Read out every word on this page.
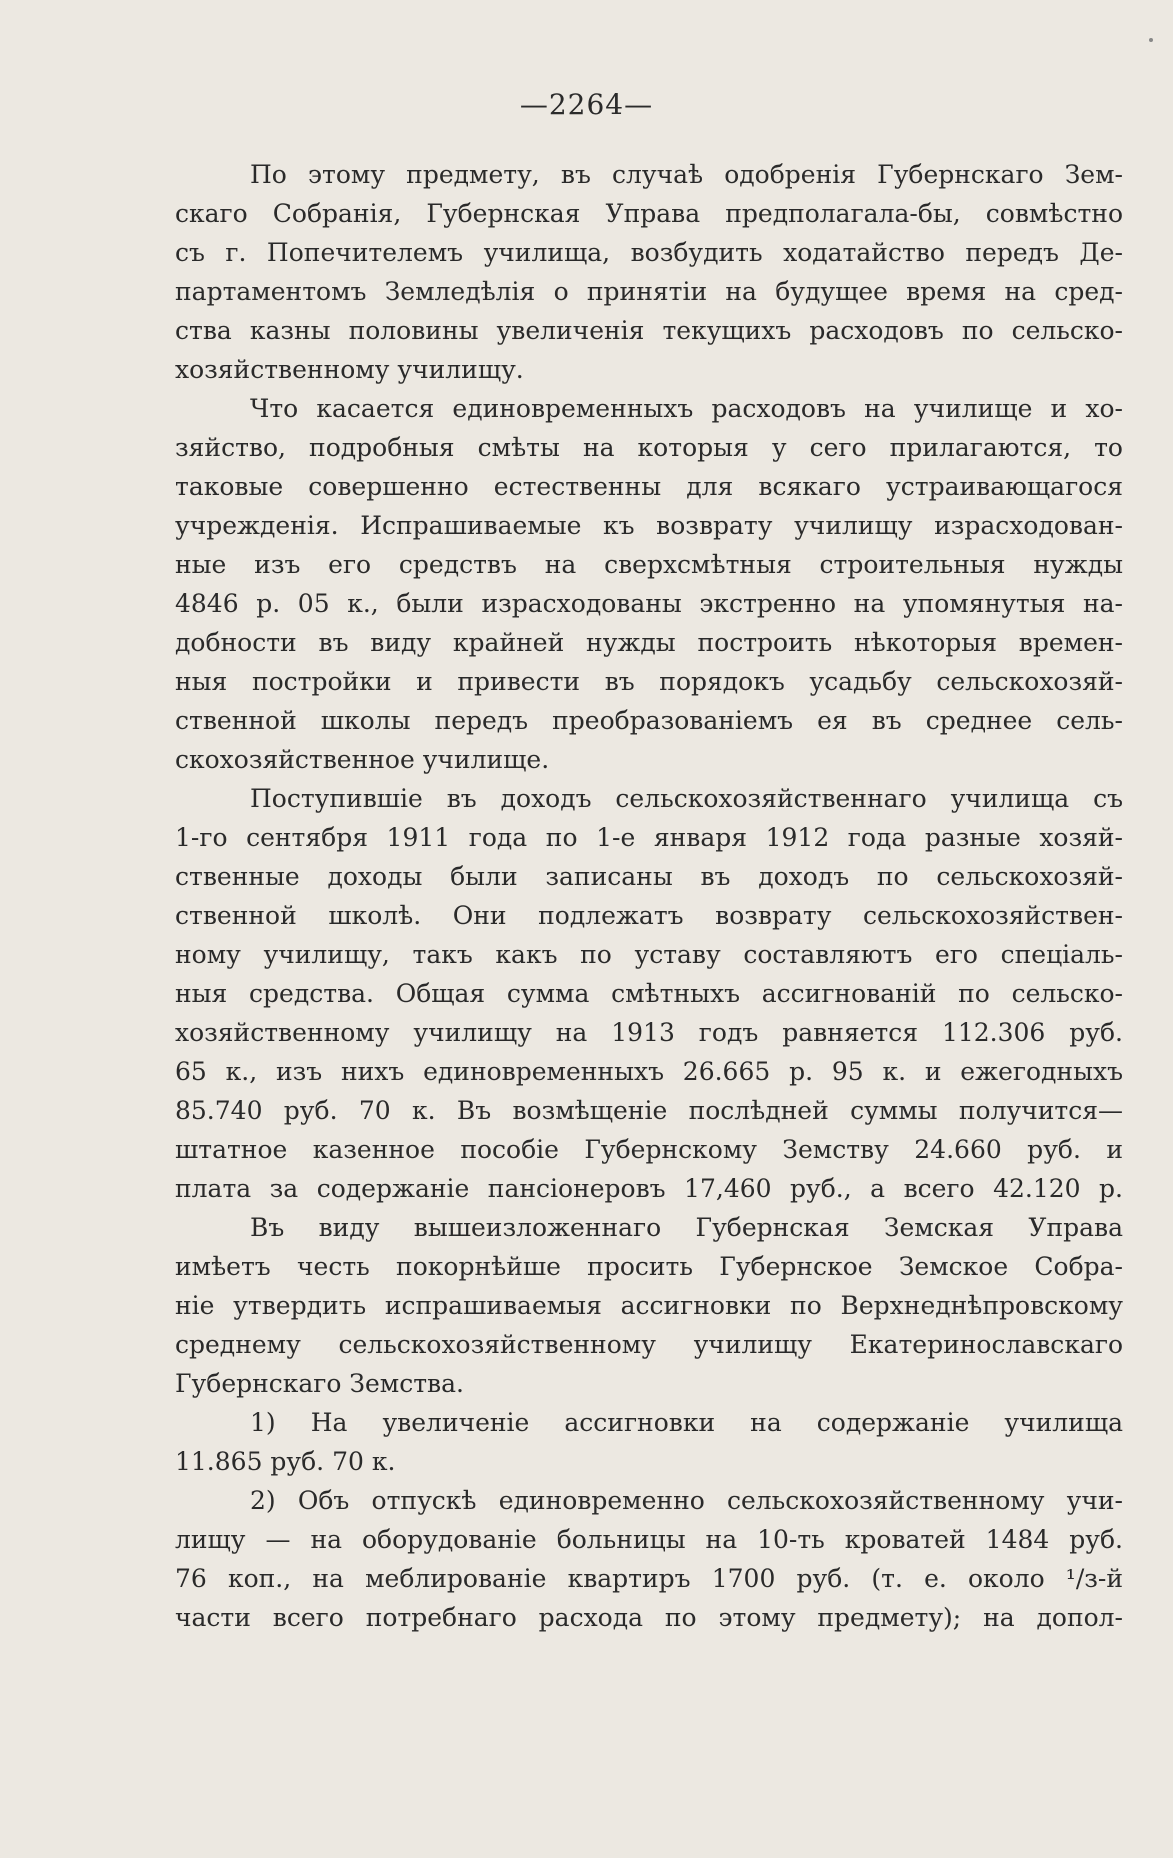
—2264—
По этому предмету, въ случаѣ одобренія Губернскаго Зем-
скаго Собранія, Губернская Управа предполагала-бы, совмѣстно
съ г. Попечителемъ училища, возбудить ходатайство передъ Де-
партаментомъ Земледѣлія о принятіи на будущее время на сред-
ства казны половины увеличенія текущихъ расходовъ по сельско-
хозяйственному училищу.
Что касается единовременныхъ расходовъ на училище и хо-
зяйство, подробныя смѣты на которыя у сего прилагаются, то
таковые совершенно естественны для всякаго устраивающагося
учрежденія. Испрашиваемые къ возврату училищу израсходован-
ные изъ его средствъ на сверхсмѣтныя строительныя нужды
4846 р. 05 к., были израсходованы экстренно на упомянутыя на-
добности въ виду крайней нужды построить нѣкоторыя времен-
ныя постройки и привести въ порядокъ усадьбу сельскохозяй-
ственной школы передъ преобразованіемъ ея въ среднее сель-
скохозяйственное училище.
Поступившіе въ доходъ сельскохозяйственнаго училища съ
1-го сентября 1911 года по 1-е января 1912 года разные хозяй-
ственные доходы были записаны въ доходъ по сельскохозяй-
ственной школѣ. Они подлежатъ возврату сельскохозяйствен-
ному училищу, такъ какъ по уставу составляютъ его спеціаль-
ныя средства. Общая сумма смѣтныхъ ассигнованій по сельско-
хозяйственному училищу на 1913 годъ равняется 112.306 руб.
65 к., изъ нихъ единовременныхъ 26.665 р. 95 к. и ежегодныхъ
85.740 руб. 70 к. Въ возмѣщеніе послѣдней суммы получится—
штатное казенное пособіе Губернскому Земству 24.660 руб. и
плата за содержаніе пансіонеровъ 17,460 руб., а всего 42.120 р.
Въ виду вышеизложеннаго Губернская Земская Управа
имѣетъ честь покорнѣйше просить Губернское Земское Собра-
ніе утвердить испрашиваемыя ассигновки по Верхнеднѣпровскому
среднему сельскохозяйственному училищу Екатеринославскаго
Губернскаго Земства.
1) На увеличеніе ассигновки на содержаніе училища
11.865 руб. 70 к.
2) Объ отпускѣ единовременно сельскохозяйственному учи-
лищу — на оборудованіе больницы на 10-ть кроватей 1484 руб.
76 коп., на меблированіе квартиръ 1700 руб. (т. е. около ¹/з-й
части всего потребнаго расхода по этому предмету); на допол-
